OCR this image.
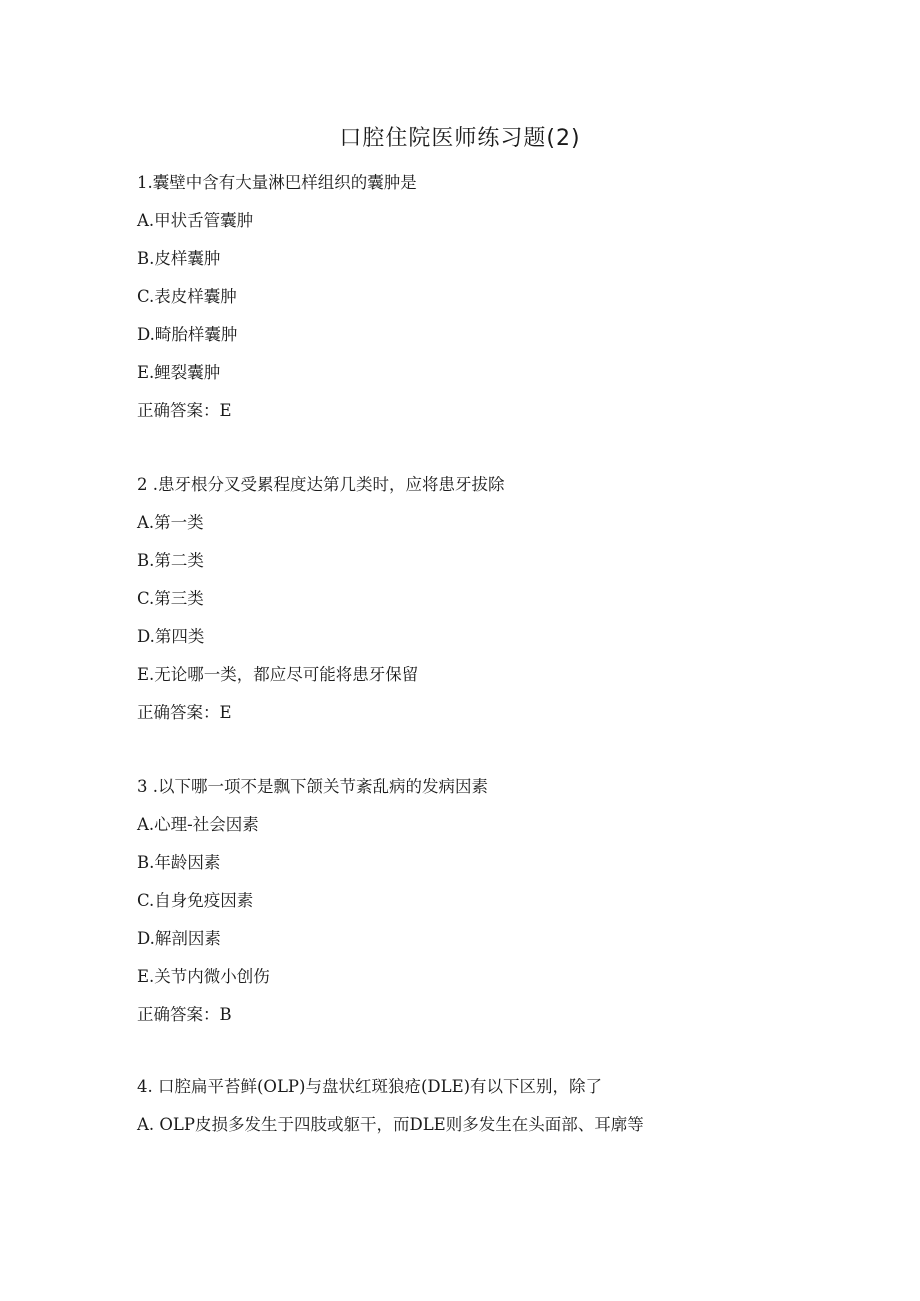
口腔住院医师练习题(2)

1.囊壁中含有大量淋巴样组织的囊肿是

A.甲状舌管囊肿

B.皮样囊肿

C.表皮样囊肿

D.畸胎样囊肿

E.鲤裂囊肿

正确答案：E

2 .患牙根分叉受累程度达第几类时，应将患牙拔除

A.第一类

B.第二类

C.第三类

D.第四类

E.无论哪一类，都应尽可能将患牙保留

正确答案：E

3 .以下哪一项不是飘下颌关节紊乱病的发病因素

A.心理-社会因素

B.年龄因素

C.自身免疫因素

D.解剖因素

E.关节内微小创伤

正确答案：B

4. 口腔扁平苔鲜(OLP)与盘状红斑狼疮(DLE)有以下区别，除了

A. OLP皮损多发生于四肢或躯干，而DLE则多发生在头面部、耳廓等
